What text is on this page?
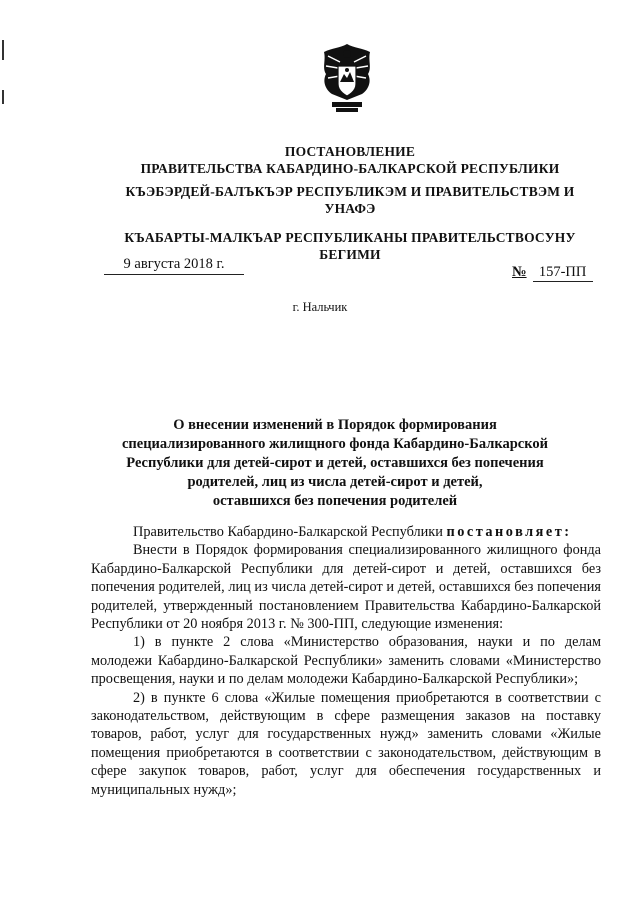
ПОСТАНОВЛЕНИЕ
ПРАВИТЕЛЬСТВА КАБАРДИНО-БАЛКАРСКОЙ РЕСПУБЛИКИ
КЪЭБЭРДЕЙ-БАЛЪКЪЭР РЕСПУБЛИКЭМ И ПРАВИТЕЛЬСТВЭМ И
УНАФЭ
КЪАБАРТЫ-МАЛКЪАР РЕСПУБЛИКАНЫ ПРАВИТЕЛЬСТВОСУНУ
БЕГИМИ
9 августа 2018 г.	№ 157-ПП
г. Нальчик
О внесении изменений в Порядок формирования
специализированного жилищного фонда Кабардино-Балкарской
Республики для детей-сирот и детей, оставшихся без попечения
родителей, лиц из числа детей-сирот и детей,
оставшихся без попечения родителей

Правительство Кабардино-Балкарской Республики постановляет:

Внести в Порядок формирования специализированного жилищного фонда Кабардино-Балкарской Республики для детей-сирот и детей, оставшихся без попечения родителей, лиц из числа детей-сирот и детей, оставшихся без попечения родителей, утвержденный постановлением Правительства Кабардино-Балкарской Республики от 20 ноября 2013 г. № 300-ПП, следующие изменения:

1) в пункте 2 слова «Министерство образования, науки и по делам молодежи Кабардино-Балкарской Республики» заменить словами «Министерство просвещения, науки и по делам молодежи Кабардино-Балкарской Республики»;

2) в пункте 6 слова «Жилые помещения приобретаются в соответствии с законодательством, действующим в сфере размещения заказов на поставку товаров, работ, услуг для государственных нужд» заменить словами «Жилые помещения приобретаются в соответствии с законодательством, действующим в сфере закупок товаров, работ, услуг для обеспечения государственных и муниципальных нужд»;
